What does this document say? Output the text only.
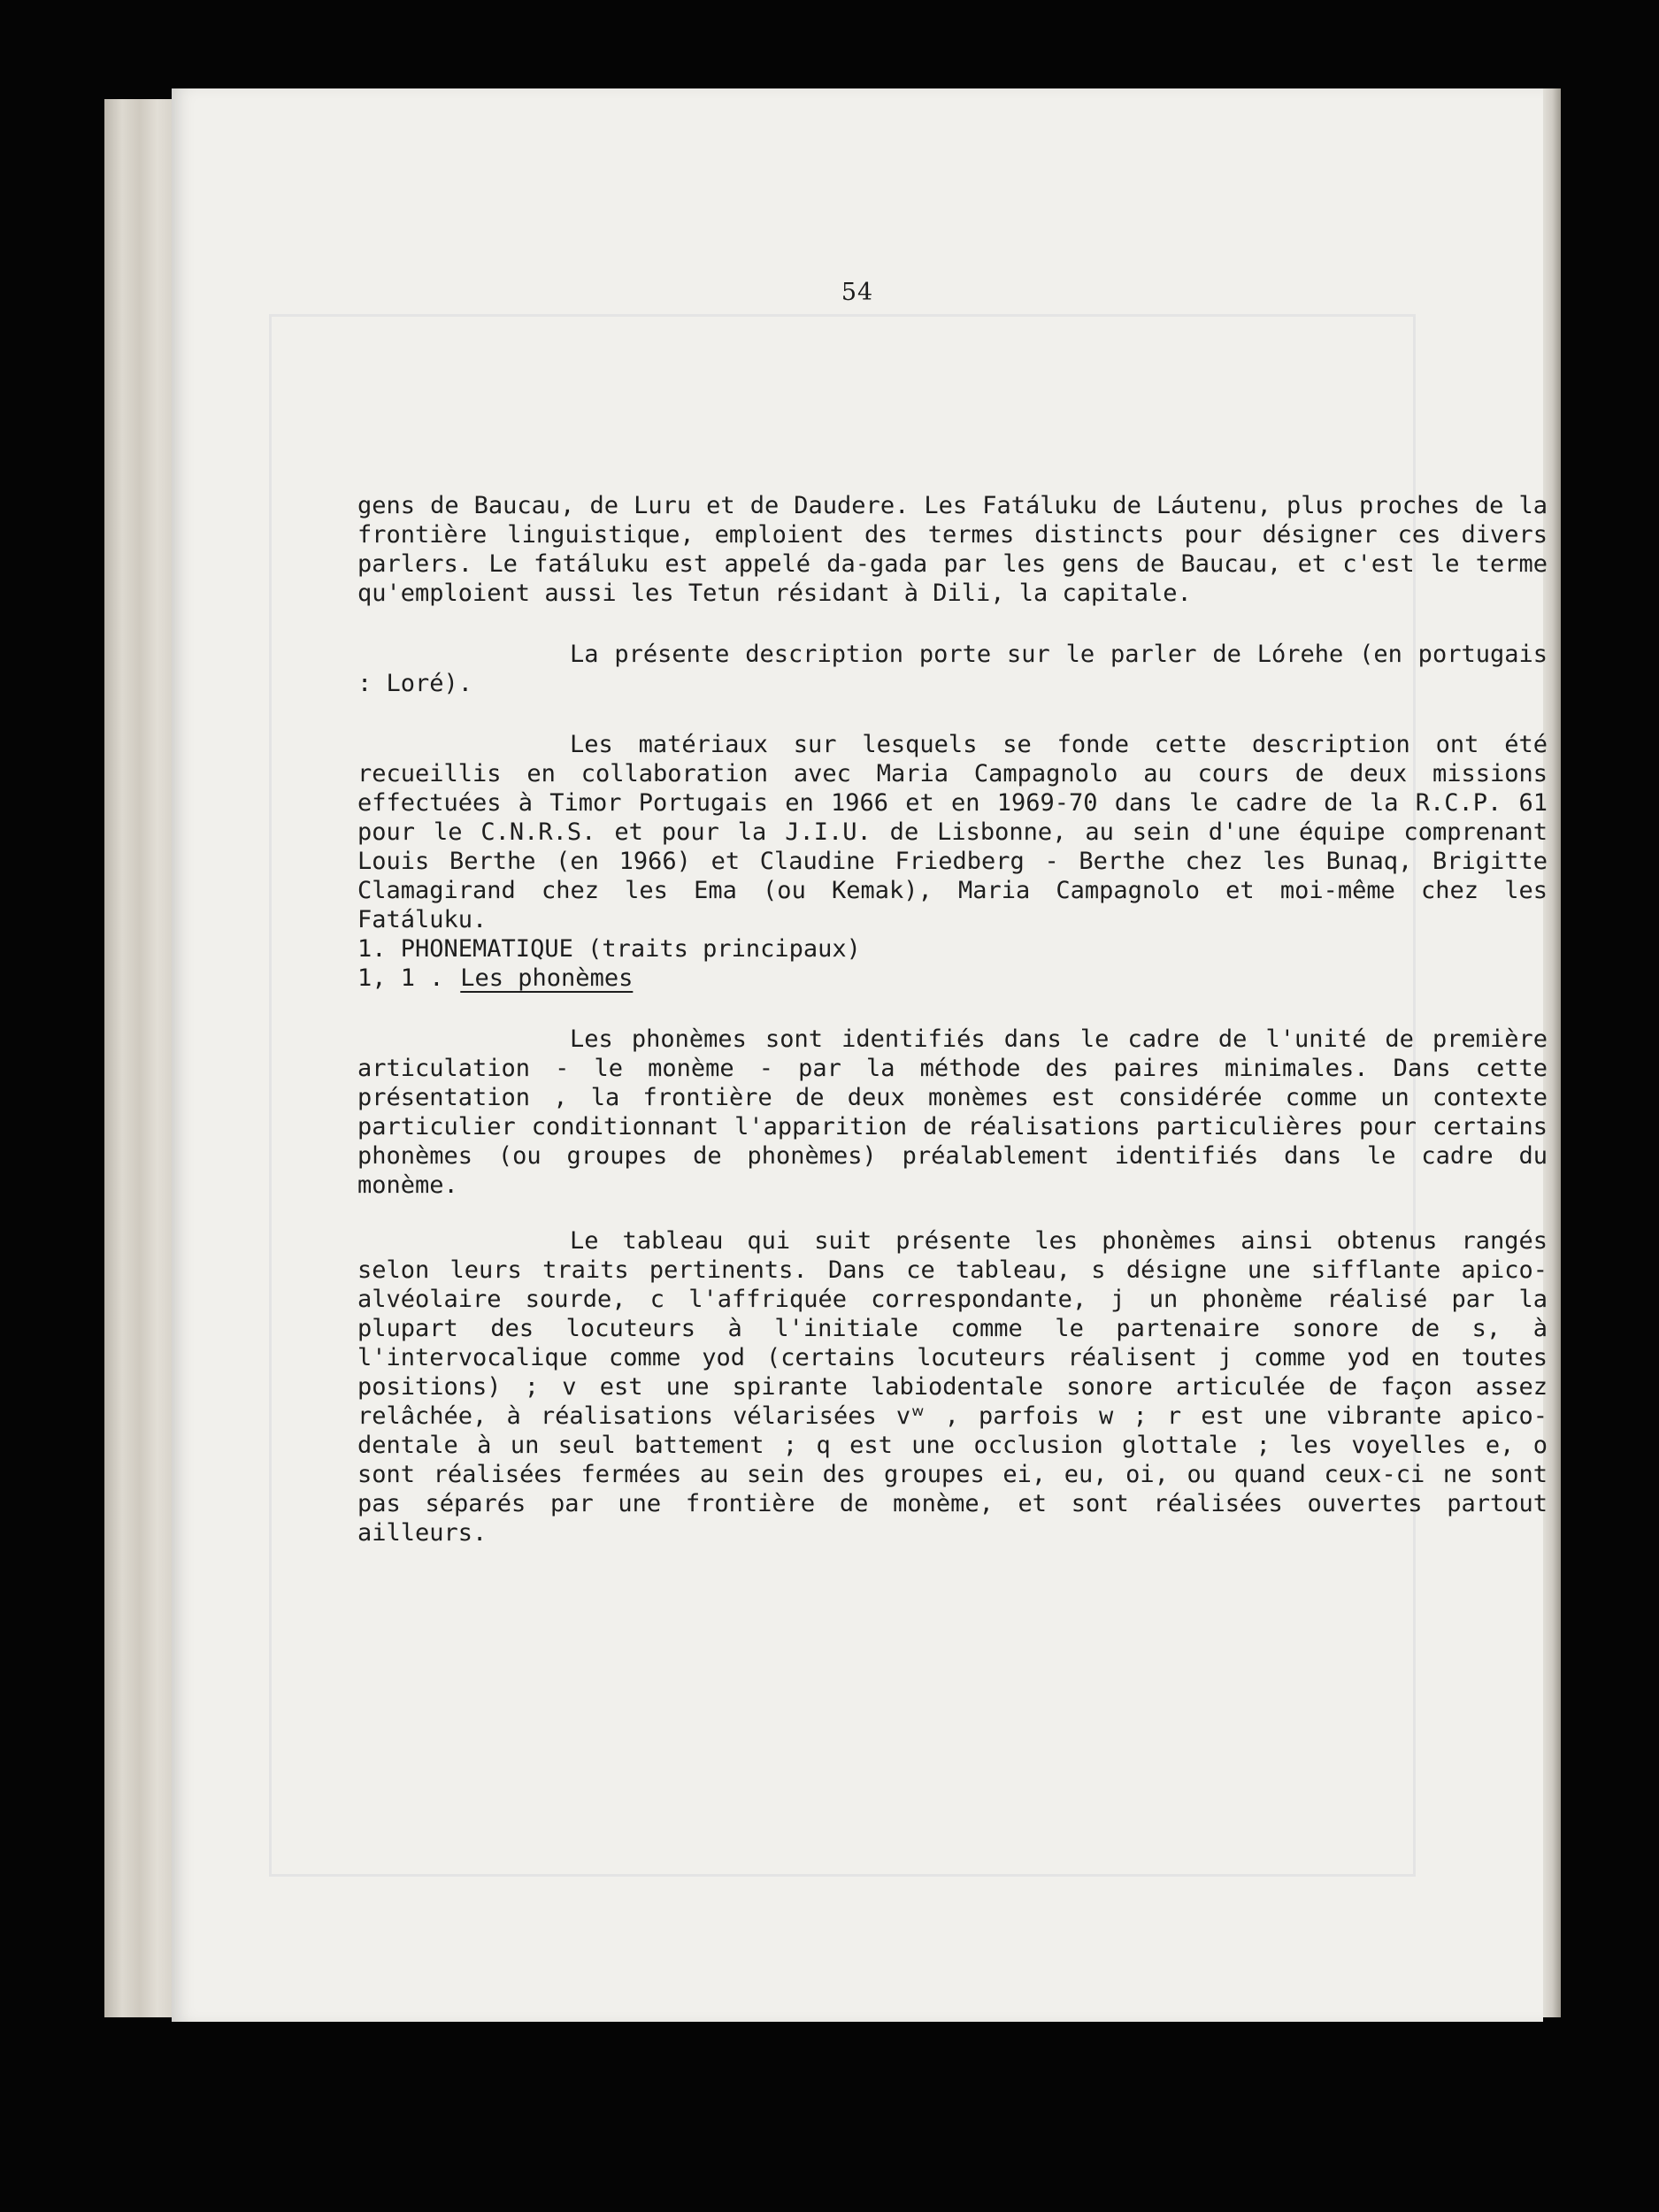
54

gens de Baucau, de Luru et de Daudere. Les Fatáluku de Láutenu, plus proches de la frontière linguistique, emploient des termes distincts pour désigner ces divers parlers. Le fatáluku est appelé da-gada par les gens de Baucau, et c'est le terme qu'emploient aussi les Tetun résidant à Dili, la capitale.

La présente description porte sur le parler de Lórehe (en portugais : Loré).

Les matériaux sur lesquels se fonde cette description ont été recueillis en collaboration avec Maria Campagnolo au cours de deux missions effectuées à Timor Portugais en 1966 et en 1969-70 dans le cadre de la R.C.P. 61 pour le C.N.R.S. et pour la J.I.U. de Lisbonne, au sein d'une équipe comprenant Louis Berthe (en 1966) et Claudine Friedberg - Berthe chez les Bunaq, Brigitte Clamagirand chez les Ema (ou Kemak), Maria Campagnolo et moi-même chez les Fatáluku.

1. PHONEMATIQUE (traits principaux)

1, 1 . Les phonèmes

Les phonèmes sont identifiés dans le cadre de l'unité de première articulation - le monème - par la méthode des paires minimales. Dans cette présentation , la frontière de deux monèmes est considérée comme un contexte particulier conditionnant l'apparition de réalisations particulières pour certains phonèmes (ou groupes de phonèmes) préalablement identifiés dans le cadre du monème.

Le tableau qui suit présente les phonèmes ainsi obtenus rangés selon leurs traits pertinents. Dans ce tableau, s désigne une sifflante apico-alvéolaire sourde, c l'affriquée correspondante, j un phonème réalisé par la plupart des locuteurs à l'initiale comme le partenaire sonore de s, à l'intervocalique comme yod (certains locuteurs réalisent j comme yod en toutes positions) ; v est une spirante labiodentale sonore articulée de façon assez relâchée, à réalisations vélarisées vʷ , parfois w ; r est une vibrante apico-dentale à un seul battement ; q est une occlusion glottale ; les voyelles e, o sont réalisées fermées au sein des groupes ei, eu, oi, ou quand ceux-ci ne sont pas séparés par une frontière de monème, et sont réalisées ouvertes partout ailleurs.
